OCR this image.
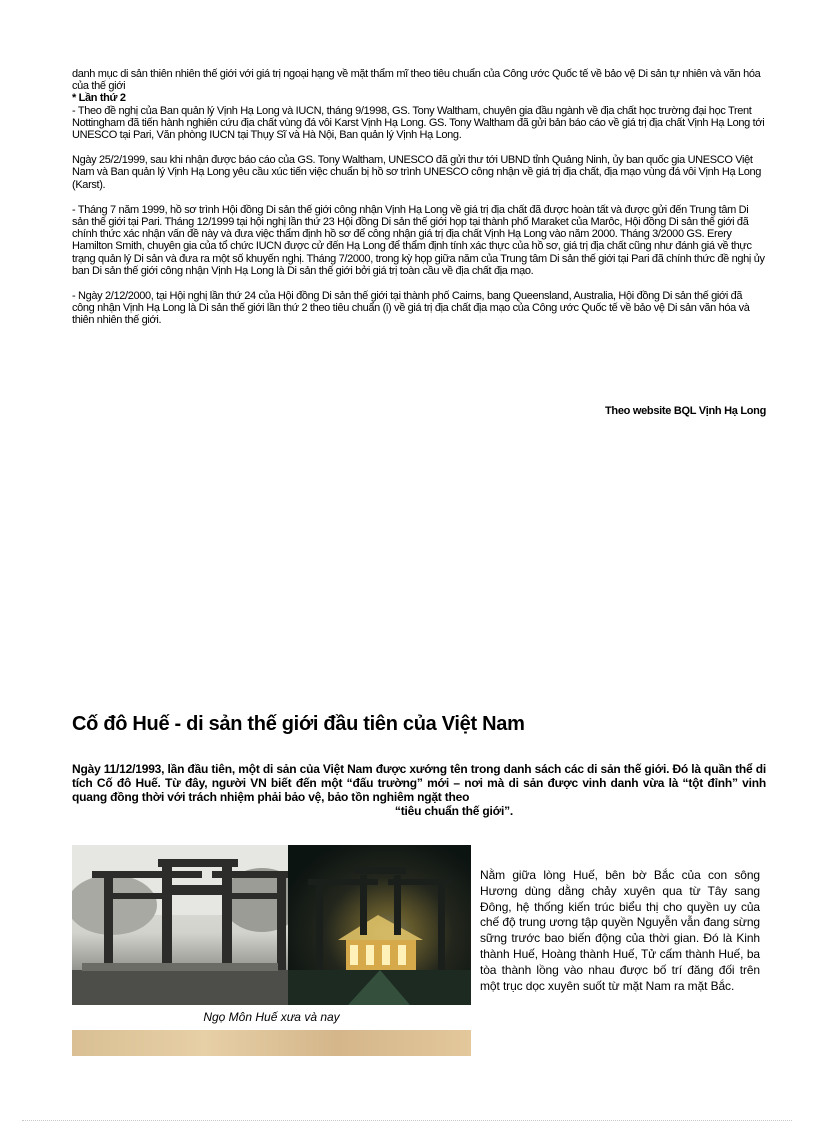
danh mục di sản thiên nhiên thế giới với giá trị ngoại hạng về mặt thẩm mĩ theo tiêu chuẩn của Công ước Quốc tế về bảo vệ Di sản tự nhiên và văn hóa của thế giới

* Lần thứ 2

- Theo đề nghị của Ban quản lý Vịnh Hạ Long và IUCN, tháng 9/1998, GS. Tony Waltham, chuyên gia đầu ngành về địa chất học trường đại học Trent Nottingham đã tiến hành nghiên cứu địa chất vùng đá vôi Karst Vịnh Hạ Long. GS. Tony Waltham đã gửi bản báo cáo về giá trị địa chất Vịnh Hạ Long tới UNESCO tại Pari, Văn phòng IUCN tại Thụy Sĩ và Hà Nội, Ban quản lý Vịnh Hạ Long.

Ngày 25/2/1999, sau khi nhận được báo cáo của GS. Tony Waltham, UNESCO đã gửi thư tới UBND tỉnh Quảng Ninh, ủy ban quốc gia UNESCO Việt Nam và Ban quản lý Vịnh Hạ Long yêu cầu xúc tiến việc chuẩn bị hồ sơ trình UNESCO công nhận về giá trị địa chất, địa mạo vùng đá vôi Vịnh Hạ Long (Karst).

- Tháng 7 năm 1999, hồ sơ trình Hội đồng Di sản thế giới công nhận Vịnh Hạ Long về giá trị địa chất đã được hoàn tất và được gửi đến Trung tâm Di sản thế giới tại Pari. Tháng 12/1999 tại hội nghị lần thứ 23 Hội đồng Di sản thế giới họp tại thành phố Maraket của Marôc, Hội đồng Di sản thế giới đã chính thức xác nhận vấn đề này và đưa việc thẩm định hồ sơ để công nhận giá trị địa chất Vịnh Hạ Long vào năm 2000. Tháng 3/2000 GS. Erery Hamilton Smith, chuyên gia của tổ chức IUCN được cử đến Hạ Long để thẩm định tính xác thực của hồ sơ, giá trị địa chất cũng như đánh giá về thực trạng quản lý Di sản và đưa ra một số khuyến nghị. Tháng 7/2000, trong kỳ họp giữa năm của Trung tâm Di sản thế giới tại Pari đã chính thức đề nghị ủy ban Di sản thế giới công nhận Vịnh Hạ Long là Di sản thế giới bởi giá trị toàn cầu về địa chất địa mạo.

- Ngày 2/12/2000, tại Hội nghị lần thứ 24 của Hội đồng Di sản thế giới tại thành phố Cairns, bang Queensland, Australia, Hội đồng Di sản thế giới đã công nhận Vịnh Hạ Long là Di sản thế giới lần thứ 2 theo tiêu chuẩn (i) về giá trị địa chất địa mạo của Công ước Quốc tế về bảo vệ Di sản văn hóa và thiên nhiên thế giới.

Theo website BQL Vịnh Hạ Long
Cố đô Huế - di sản thế giới đầu tiên của Việt Nam
Ngày 11/12/1993, lần đầu tiên, một di sản của Việt Nam được xướng tên trong danh sách các di sản thế giới. Đó là quần thể di tích Cố đô Huế. Từ đây, người VN biết đến một “đấu trường” mới – nơi mà di sản được vinh danh vừa là “tột đỉnh” vinh quang đồng thời với trách nhiệm phải bảo vệ, bảo tồn nghiêm ngặt theo
“tiêu chuẩn thế giới”.
Ngọ Môn Huế xưa và nay
Nằm giữa lòng Huế, bên bờ Bắc của con sông Hương dùng dằng chảy xuyên qua từ Tây sang Đông, hệ thống kiến trúc biểu thị cho quyền uy của chế độ trung ương tập quyền Nguyễn vẫn đang sừng sững trước bao biến động của thời gian. Đó là Kinh thành Huế, Hoàng thành Huế, Tử cấm thành Huế, ba tòa thành lồng vào nhau được bố trí đăng đối trên một trục dọc xuyên suốt từ mặt Nam ra mặt Bắc.
